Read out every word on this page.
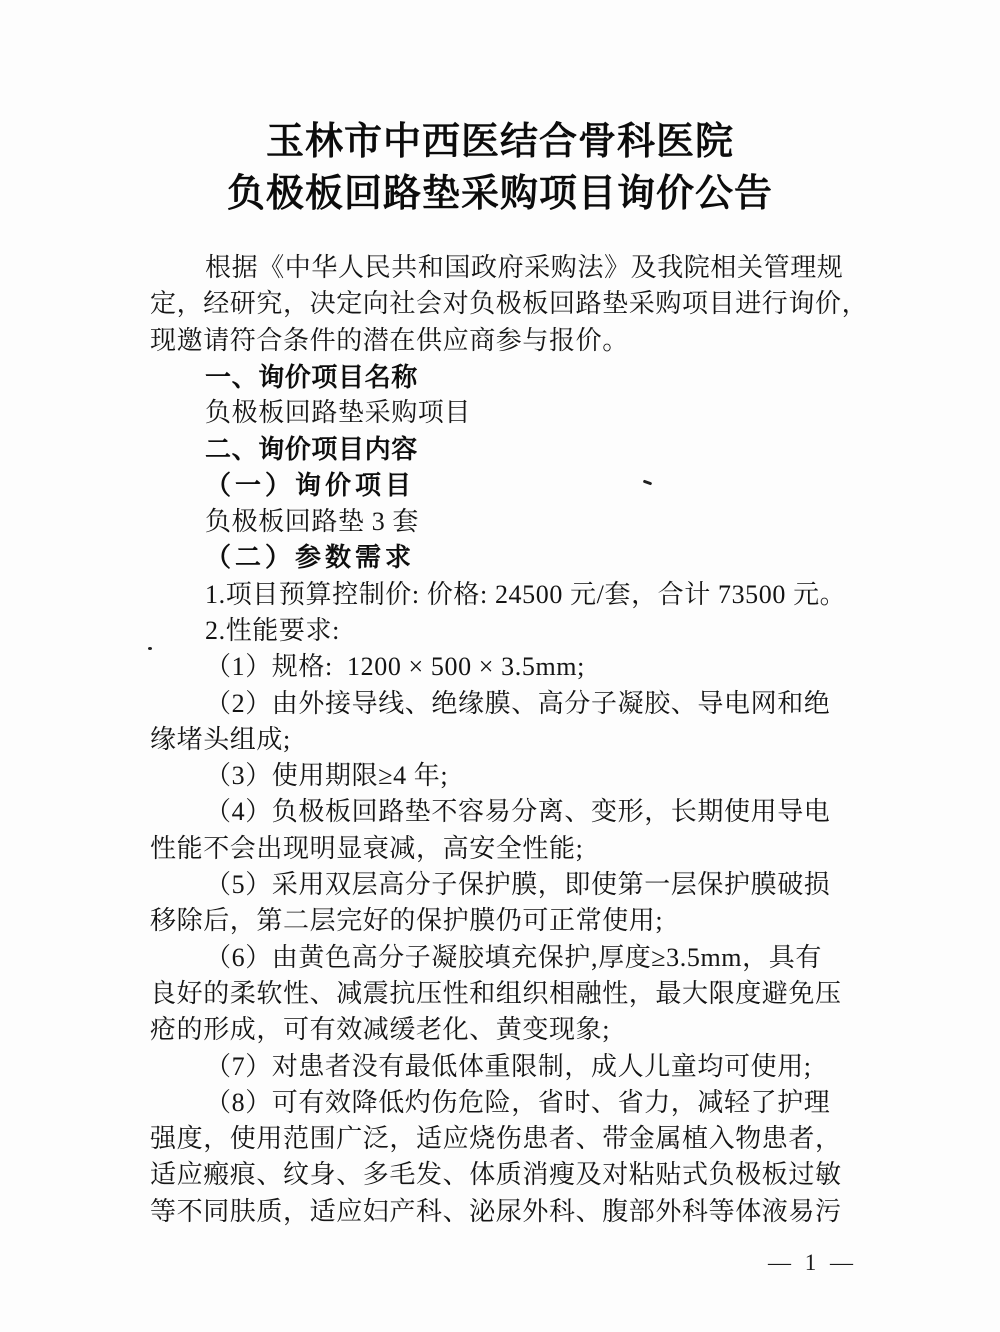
玉林市中西医结合骨科医院
负极板回路垫采购项目询价公告
根据《中华人民共和国政府采购法》及我院相关管理规
定，经研究，决定向社会对负极板回路垫采购项目进行询价，
现邀请符合条件的潜在供应商参与报价。
一、询价项目名称
负极板回路垫采购项目
二、询价项目内容
（一）询价项目
负极板回路垫 3 套
（二）参数需求
1.项目预算控制价: 价格: 24500 元/套，合计 73500 元。
2.性能要求:
（1）规格:  1200 × 500 × 3.5mm;
（2）由外接导线、绝缘膜、高分子凝胶、导电网和绝
缘堵头组成;
（3）使用期限≥4 年;
（4）负极板回路垫不容易分离、变形，长期使用导电
性能不会出现明显衰减，高安全性能;
（5）采用双层高分子保护膜，即使第一层保护膜破损
移除后，第二层完好的保护膜仍可正常使用;
（6）由黄色高分子凝胶填充保护,厚度≥3.5mm，具有
良好的柔软性、减震抗压性和组织相融性，最大限度避免压
疮的形成，可有效减缓老化、黄变现象;
（7）对患者没有最低体重限制，成人儿童均可使用;
（8）可有效降低灼伤危险，省时、省力，减轻了护理
强度，使用范围广泛，适应烧伤患者、带金属植入物患者，
适应瘢痕、纹身、多毛发、体质消瘦及对粘贴式负极板过敏
等不同肤质，适应妇产科、泌尿外科、腹部外科等体液易污
— 1 —
